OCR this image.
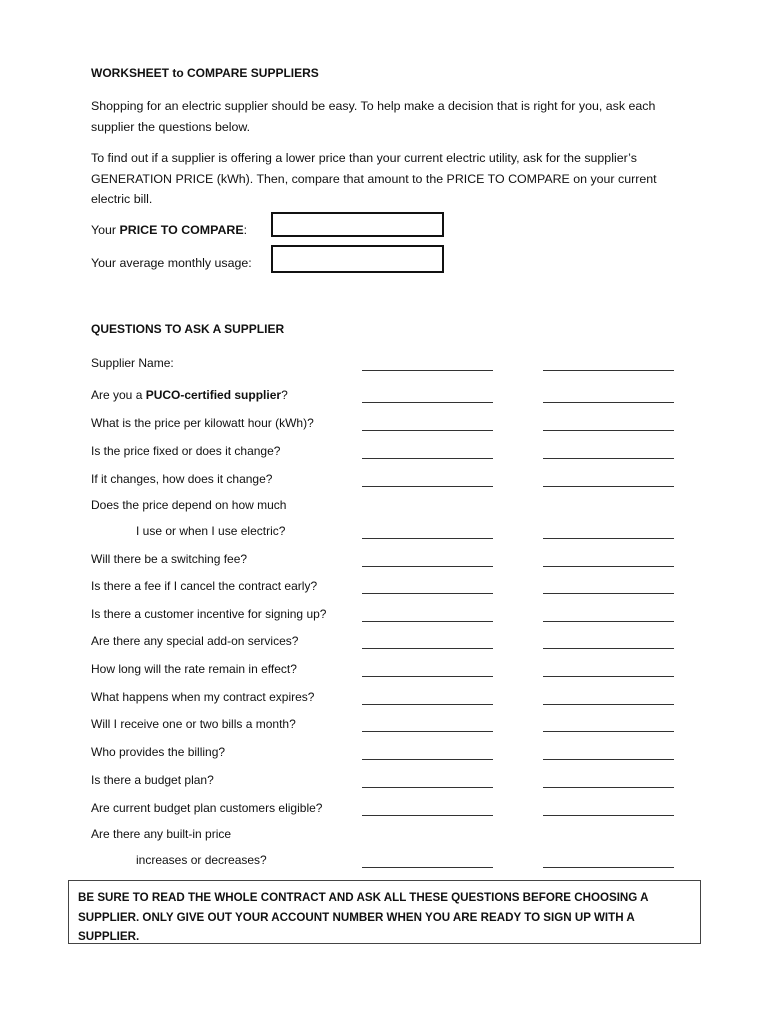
WORKSHEET to COMPARE SUPPLIERS
Shopping for an electric supplier should be easy. To help make a decision that is right for you, ask each
supplier the questions below.
To find out if a supplier is offering a lower price than your current electric utility, ask for the supplier’s
GENERATION PRICE (kWh). Then, compare that amount to the PRICE TO COMPARE on your current
electric bill.
Your PRICE TO COMPARE:
Your average monthly usage:
QUESTIONS TO ASK A SUPPLIER
Supplier Name:
Are you a PUCO-certified supplier?
What is the price per kilowatt hour (kWh)?
Is the price fixed or does it change?
If it changes, how does it change?
Does the price depend on how much
I use or when I use electric?
Will there be a switching fee?
Is there a fee if I cancel the contract early?
Is there a customer incentive for signing up?
Are there any special add-on services?
How long will the rate remain in effect?
What happens when my contract expires?
Will I receive one or two bills a month?
Who provides the billing?
Is there a budget plan?
Are current budget plan customers eligible?
Are there any built-in price
increases or decreases?
BE SURE TO READ THE WHOLE CONTRACT AND ASK ALL THESE QUESTIONS BEFORE CHOOSING A
SUPPLIER. ONLY GIVE OUT YOUR ACCOUNT NUMBER WHEN YOU ARE READY TO SIGN UP WITH A
SUPPLIER.
